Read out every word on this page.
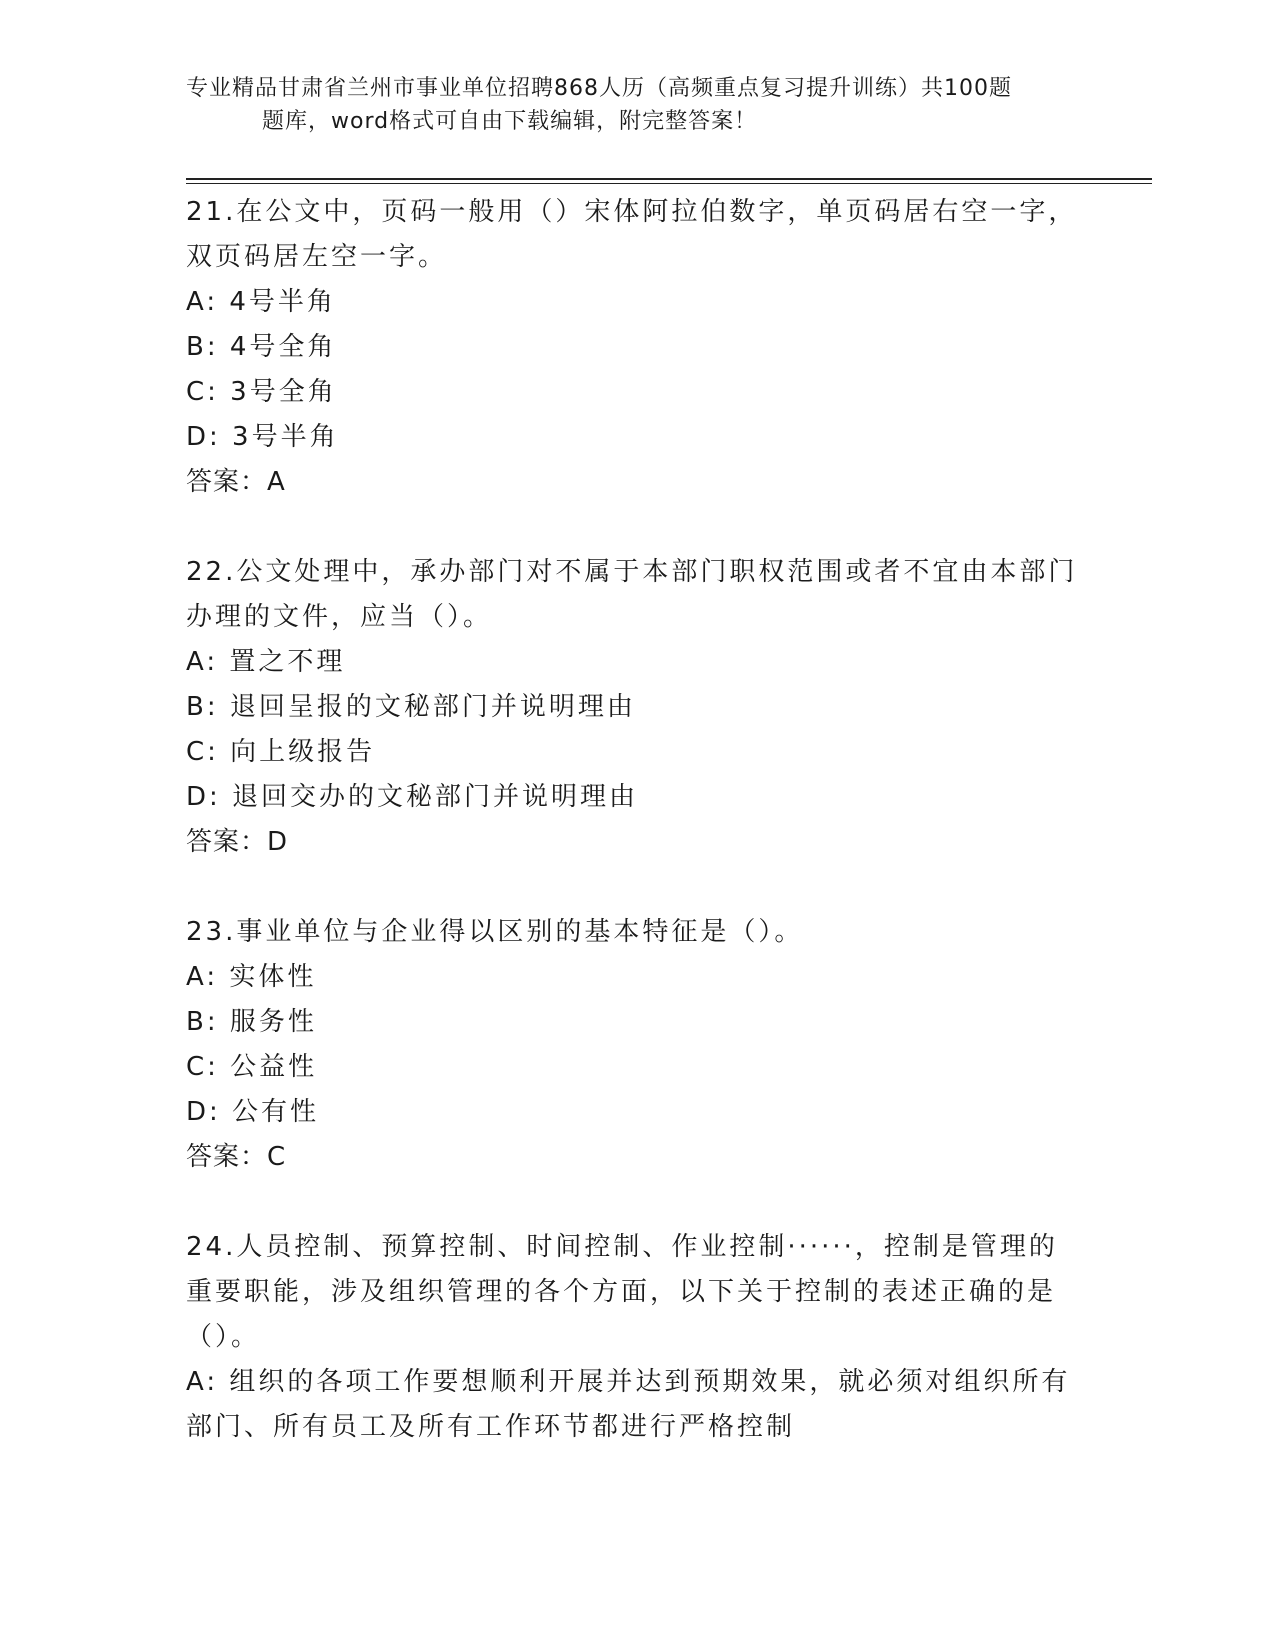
专业精品甘肃省兰州市事业单位招聘868人历（高频重点复习提升训练）共100题
题库，word格式可自由下载编辑，附完整答案！

21.在公文中，页码一般用（）宋体阿拉伯数字，单页码居右空一字，双页码居左空一字。

A: 4号半角

B: 4号全角

C: 3号全角

D: 3号半角

答案：A

22.公文处理中，承办部门对不属于本部门职权范围或者不宜由本部门办理的文件，应当（）。

A: 置之不理

B: 退回呈报的文秘部门并说明理由

C: 向上级报告

D: 退回交办的文秘部门并说明理由

答案：D

23.事业单位与企业得以区别的基本特征是（）。

A: 实体性

B: 服务性

C: 公益性

D: 公有性

答案：C

24.人员控制、预算控制、时间控制、作业控制······，控制是管理的重要职能，涉及组织管理的各个方面，以下关于控制的表述正确的是（）。

A: 组织的各项工作要想顺利开展并达到预期效果，就必须对组织所有部门、所有员工及所有工作环节都进行严格控制
